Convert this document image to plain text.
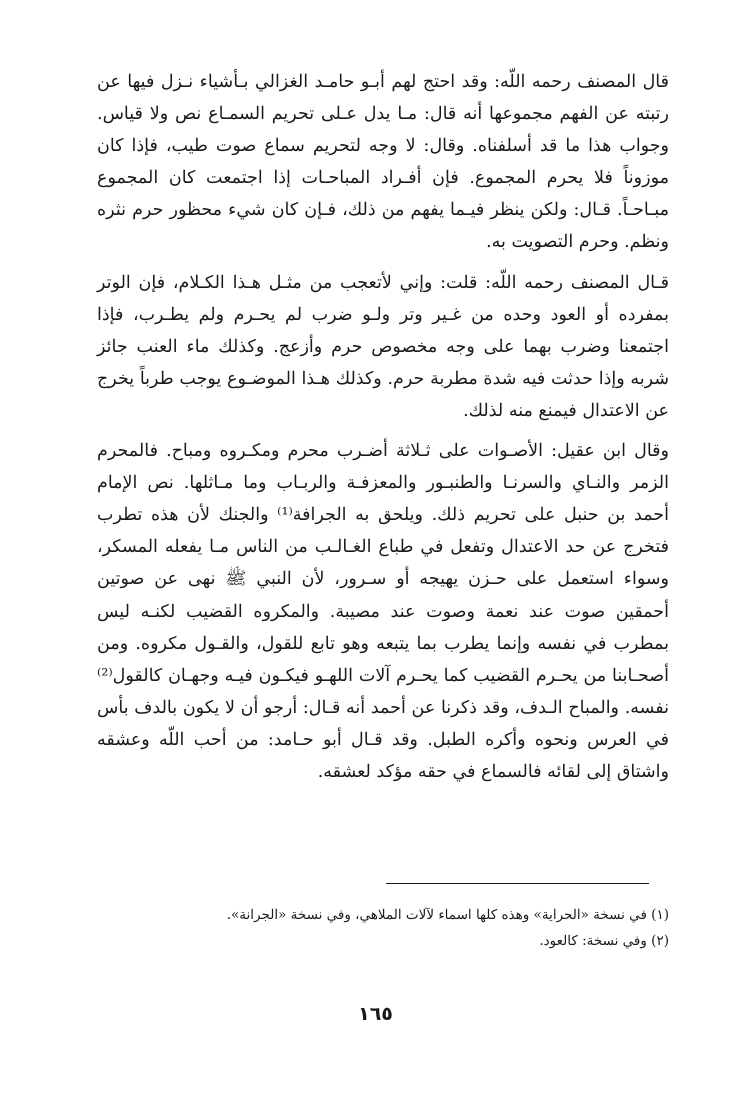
قال المصنف رحمه اللّه: وقد احتج لهم أبـو حامـد الغزالي بـأشياء نـزل فيها عن رتبته عن الفهم مجموعها أنه قال: مـا يدل عـلى تحريم السمـاع نص ولا قياس. وجواب هذا ما قد أسلفناه. وقال: لا وجه لتحريم سماع صوت طيب، فإذا كان موزوناً فلا يحرم المجموع. فإن أفـراد المباحـات إذا اجتمعت كان المجموع مبـاحـاً. قـال: ولكن ينظر فيـما يفهم من ذلك، فـإن كان شيء محظور حرم نثره ونظم. وحرم التصويت به.

قـال المصنف رحمه اللّه: قلت: وإني لأتعجب من مثـل هـذا الكـلام، فإن الوتر بمفرده أو العود وحده من غـير وتر ولـو ضرب لم يحـرم ولم يطـرب، فإذا اجتمعنا وضرب بهما على وجه مخصوص حرم وأزعج. وكذلك ماء العنب جائز شربه وإذا حدثت فيه شدة مطربة حرم. وكذلك هـذا الموضـوع يوجب طرباً يخرج عن الاعتدال فيمنع منه لذلك.

وقال ابن عقيل: الأصـوات على ثـلاثة أضـرب محرم ومكـروه ومباح. فالمحرم الزمر والنـاي والسرنـا والطنبـور والمعزفـة والربـاب وما مـاثلها. نص الإمام أحمد بن حنبل على تحريم ذلك. ويلحق به الجرافة⁽¹⁾ والجنك لأن هذه تطرب فتخرج عن حد الاعتدال وتفعل في طباع الغـالـب من الناس مـا يفعله المسكر، وسواء استعمل على حـزن يهيجه أو سـرور، لأن النبي ﷺ نهى عن صوتين أحمقين صوت عند نعمة وصوت عند مصيبة. والمكروه القضيب لكنـه ليس بمطرب في نفسه وإنما يطرب بما يتبعه وهو تابع للقول، والقـول مكروه. ومن أصحـابنا من يحـرم القضيب كما يحـرم آلات اللهـو فيكـون فيـه وجهـان كالقول⁽²⁾ نفسه. والمباح الـدف، وقد ذكرنا عن أحمد أنه قـال: أرجو أن لا يكون بالدف بأس في العرس ونحوه وأكره الطبل. وقد قـال أبو حـامد: من أحب اللّه وعشقه واشتاق إلى لقائه فالسماع في حقه مؤكد لعشقه.

(١) في نسخة «الحراية» وهذه كلها اسماء لآلات الملاهي، وفي نسخة «الجرانة».

(٢) وفي نسخة: كالعود.

١٦٥
